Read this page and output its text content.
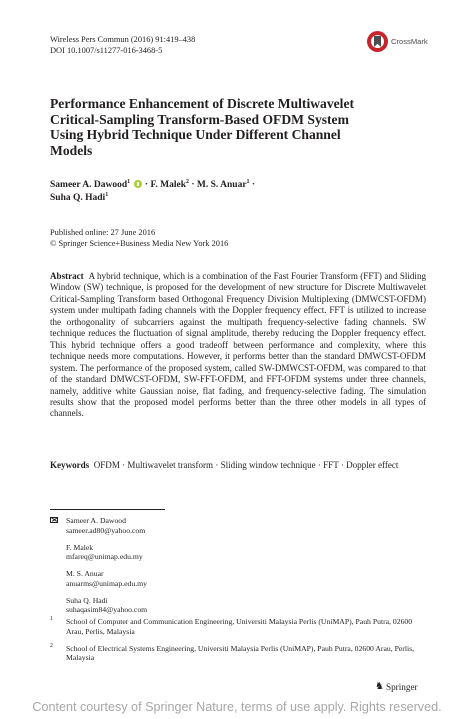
Wireless Pers Commun (2016) 91:419–438
DOI 10.1007/s11277-016-3468-5
CrossMark
Performance Enhancement of Discrete Multiwavelet Critical-Sampling Transform-Based OFDM System Using Hybrid Technique Under Different Channel Models
Sameer A. Dawood$^1$  · F. Malek$^2$ · M. S. Anuar$^1$ ·
Suha Q. Hadi$^1$
Published online: 27 June 2016
© Springer Science+Business Media New York 2016

Abstract A hybrid technique, which is a combination of the Fast Fourier Transform (FFT) and Sliding Window (SW) technique, is proposed for the development of new structure for Discrete Multiwavelet Critical-Sampling Transform based Orthogonal Frequency Division Multiplexing (DMWCST-OFDM) system under multipath fading channels with the Doppler frequency effect. FFT is utilized to increase the orthogonality of subcarriers against the multipath frequency-selective fading channels. SW technique reduces the fluctuation of signal amplitude, thereby reducing the Doppler frequency effect. This hybrid technique offers a good tradeoff between performance and complexity, where this technique needs more computations. However, it performs better than the standard DMWCST-OFDM system. The performance of the proposed system, called SW-DMWCST-OFDM, was compared to that of the standard DMWCST-OFDM, SW-FFT-OFDM, and FFT-OFDM systems under three channels, namely, additive white Gaussian noise, flat fading, and frequency-selective fading. The simulation results show that the proposed model performs better than the three other models in all types of channels.

Keywords OFDM · Multiwavelet transform · Sliding window technique · FFT · Doppler effect

Sameer A. Dawood
sameer.ad80@yahoo.com
F. Malek
mfareq@unimap.edu.my
M. S. Anuar
anuarms@unimap.edu.my
Suha Q. Hadi
suhaqasim84@yahoo.com
1 School of Computer and Communication Engineering, Universiti Malaysia Perlis (UniMAP), Pauh Putra, 02600 Arau, Perlis, Malaysia
2 School of Electrical Systems Engineering, Universiti Malaysia Perlis (UniMAP), Pauh Putra, 02600 Arau, Perlis, Malaysia
♞ Springer
Content courtesy of Springer Nature, terms of use apply. Rights reserved.
